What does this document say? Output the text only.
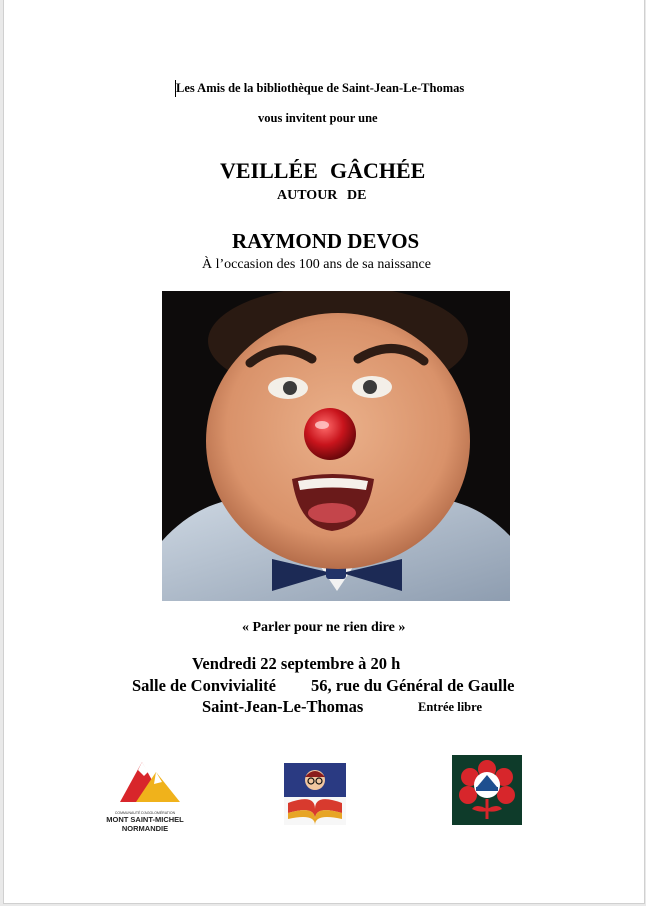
Les Amis de la bibliothèque de Saint-Jean-Le-Thomas
vous invitent pour une
VEILLÉE GÂCHÉE
AUTOUR DE
RAYMOND DEVOS
À l’occasion des 100 ans de sa naissance
« Parler pour ne rien dire »
Vendredi 22 septembre à 20 h
Salle de Convivialité 56, rue du Général de Gaulle
Saint-Jean-Le-Thomas	Entrée libre
COMMUNAUTÉ D'AGGLOMÉRATION
MONT SAINT-MICHEL
NORMANDIE
